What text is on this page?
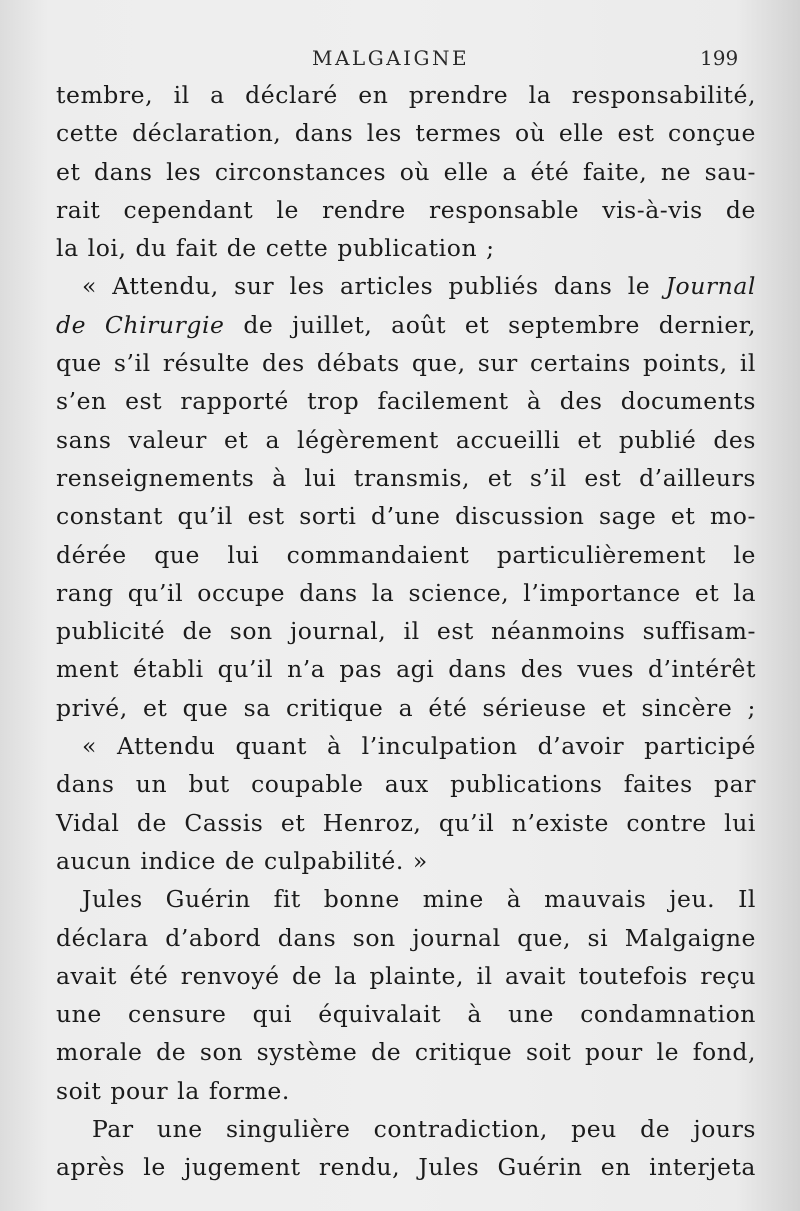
MALGAIGNE	199
tembre, il a déclaré en prendre la responsabilité,
cette déclaration, dans les termes où elle est conçue
et dans les circonstances où elle a été faite, ne sau-
rait cependant le rendre responsable vis-à-vis de
la loi, du fait de cette publication ;
« Attendu, sur les articles publiés dans le Journal
de Chirurgie de juillet, août et septembre dernier,
que s’il résulte des débats que, sur certains points, il
s’en est rapporté trop facilement à des documents
sans valeur et a légèrement accueilli et publié des
renseignements à lui transmis, et s’il est d’ailleurs
constant qu’il est sorti d’une discussion sage et mo-
dérée que lui commandaient particulièrement le
rang qu’il occupe dans la science, l’importance et la
publicité de son journal, il est néanmoins suffisam-
ment établi qu’il n’a pas agi dans des vues d’intérêt
privé, et que sa critique a été sérieuse et sincère ;
« Attendu quant à l’inculpation d’avoir participé
dans un but coupable aux publications faites par
Vidal de Cassis et Henroz, qu’il n’existe contre lui
aucun indice de culpabilité. »
Jules Guérin fit bonne mine à mauvais jeu. Il
déclara d’abord dans son journal que, si Malgaigne
avait été renvoyé de la plainte, il avait toutefois reçu
une censure qui équivalait à une condamnation
morale de son système de critique soit pour le fond,
soit pour la forme.
Par une singulière contradiction, peu de jours
après le jugement rendu, Jules Guérin en interjeta
